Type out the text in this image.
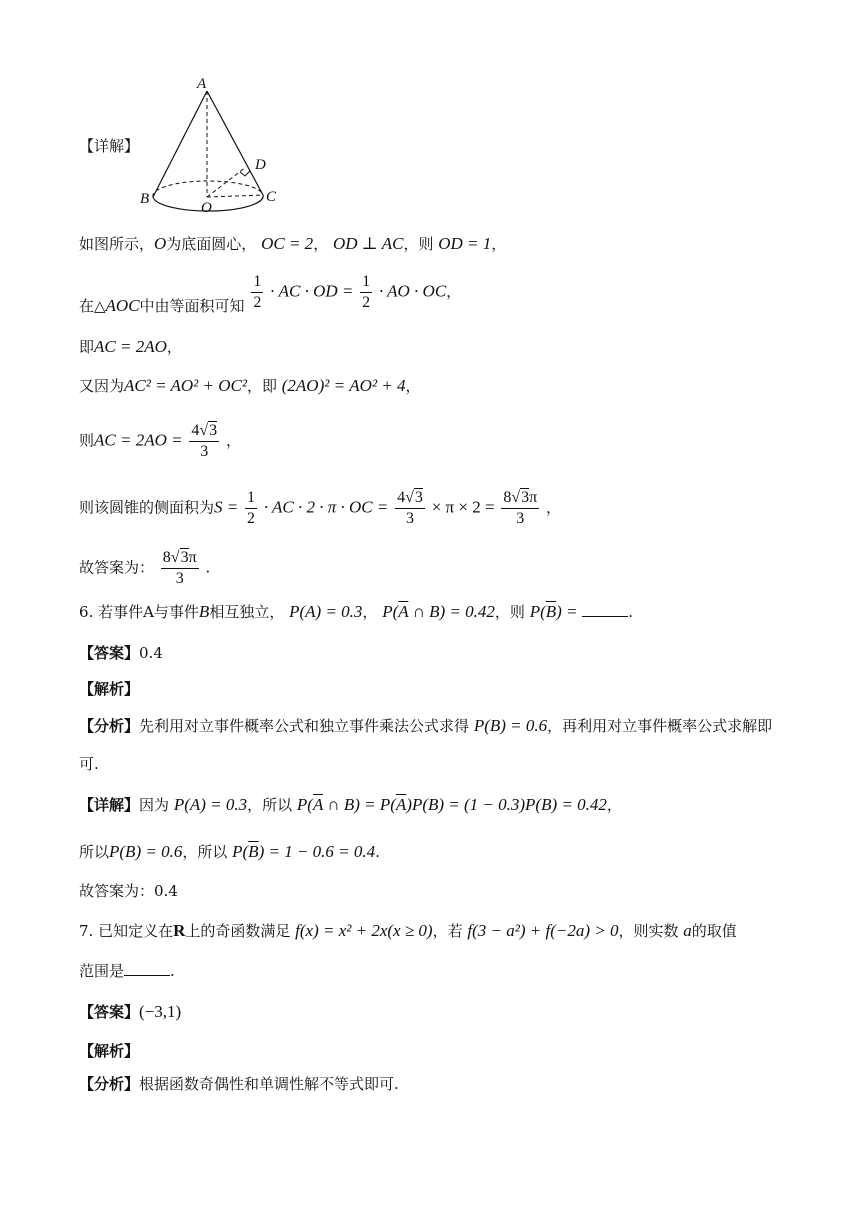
A
B	C
D
O
【详解】
如图所示，O为底面圆心， OC = 2， OD ⊥ AC，则 OD = 1，
在△AOC中由等面积可知 $\frac{1}{2}$ · AC · OD = $\frac{1}{2}$ · AO · OC，
即AC = 2AO，
又因为AC² = AO² + OC²，即 (2AO)² = AO² + 4，
则AC = $2AO = \frac{4√3}{3}$ ，
则该圆锥的侧面积为$S = \frac{1}{2}$ · AC · 2 · π · OC = $\frac{4√3}{3} \times \pi \times 2 = \frac{8√3\pi}{3}$ ，
故答案为： $\frac{8√3\pi}{3}$ .
6. 若事件A与事件B相互独立， P(A) = 0.3， $P(\overline{A}$ ∩ B) = 0.42，则 $P(\overline{B})$ =	.
【答案】0.4
【解析】
【分析】先利用对立事件概率公式和独立事件乘法公式求得 P(B) = 0.6，再利用对立事件概率公式求解即
可.
【详解】因为 P(A) = 0.3，所以 $P(\overline{A}$ ∩ $B) = P(\overline{A})P(B) = (1 - 0.3)P(B) = 0.42$，
所以P(B) = 0.6，所以 $P(\overline{B}) = 1 - 0.6 = 0.4$.
故答案为：0.4
7. 已知定义在R上的奇函数满足 f(x) = x² + 2x(x ≥ 0)，若 f(3 − a²) + f(−2a) > 0，则实数 a的取值
范围是	.
【答案】(−3,1)
【解析】
【分析】根据函数奇偶性和单调性解不等式即可.
